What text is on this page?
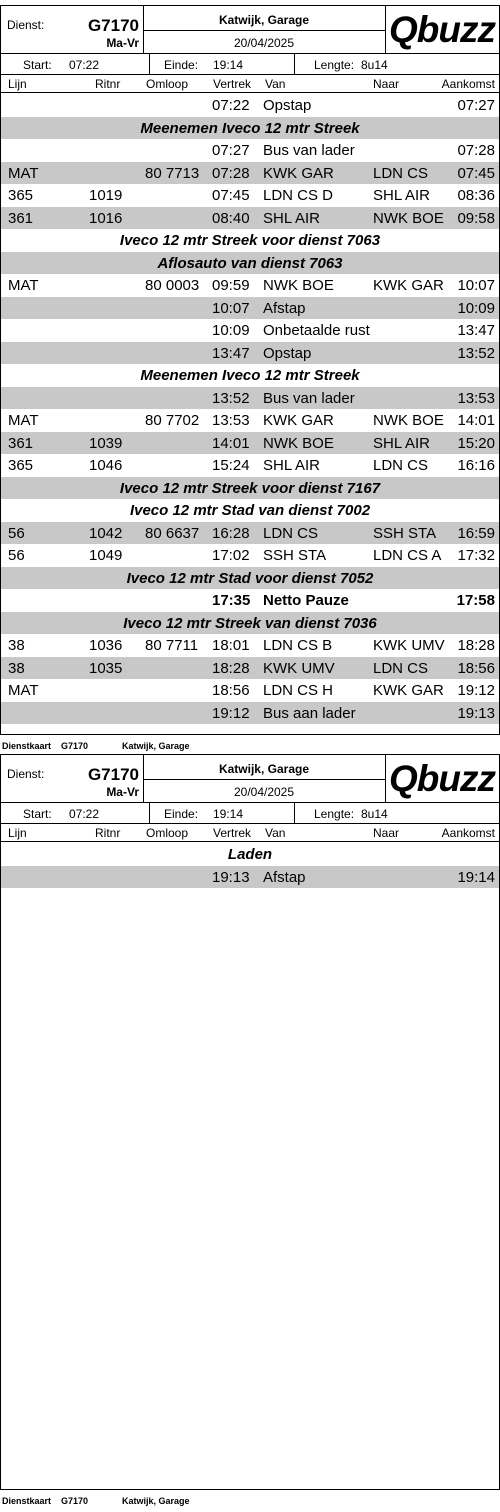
Dienst:	G7170
Ma-Vr
Katwijk, Garage
20/04/2025	Qbuzz
Start: 07:22	Einde: 19:14	Lengte: 8u14
Lijn	Ritnr Omloop Vertrek Van	Naar	Aankomst
07:22 Opstap	07:27
Meenemen Iveco 12 mtr Streek
07:27 Bus van lader	07:28
MAT	80 7713 07:28 KWK GAR	LDN CS 07:45
365	1019	07:45 LDN CS D	SHL AIR 08:36
361	1016	08:40 SHL AIR	NWK BOE 09:58
Iveco 12 mtr Streek voor dienst 7063
Aflosauto van dienst 7063
MAT	80 0003 09:59 NWK BOE	KWK GAR 10:07
10:07 Afstap	10:09
10:09 Onbetaalde rust	13:47
13:47 Opstap	13:52
Meenemen Iveco 12 mtr Streek
13:52 Bus van lader	13:53
MAT	80 7702 13:53 KWK GAR	NWK BOE 14:01
361	1039	14:01 NWK BOE	SHL AIR 15:20
365	1046	15:24 SHL AIR	LDN CS 16:16
Iveco 12 mtr Streek voor dienst 7167
Iveco 12 mtr Stad van dienst 7002
56	1042 80 6637 16:28 LDN CS	SSH STA 16:59
56	1049	17:02 SSH STA	LDN CS A 17:32
Iveco 12 mtr Stad voor dienst 7052
17:35 Netto Pauze	17:58
Iveco 12 mtr Streek van dienst 7036
38	1036 80 7711 18:01 LDN CS B	KWK UMV 18:28
38	1035	18:28 KWK UMV	LDN CS 18:56
MAT	18:56 LDN CS H	KWK GAR 19:12
19:12 Bus aan lader	19:13
Dienstkaart G7170	Katwijk, Garage
Dienst:	G7170
Ma-Vr
Katwijk, Garage
20/04/2025	Qbuzz
Start: 07:22	Einde: 19:14	Lengte: 8u14
Lijn	Ritnr Omloop Vertrek Van	Naar	Aankomst
Laden
19:13 Afstap	19:14
Dienstkaart G7170	Katwijk, Garage
